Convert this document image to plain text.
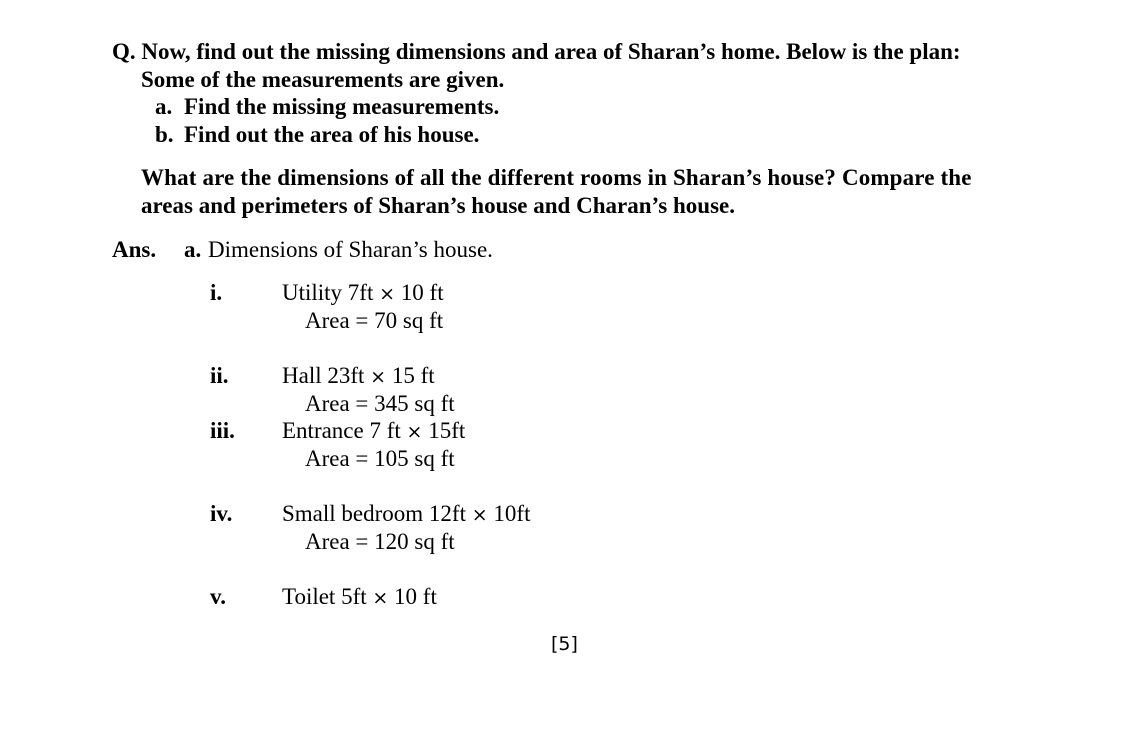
Q. Now, find out the missing dimensions and area of Sharan’s home. Below is the plan:
Some of the measurements are given.
a. Find the missing measurements.
b. Find out the area of his house.
What are the dimensions of all the different rooms in Sharan’s house? Compare the
areas and perimeters of Sharan’s house and Charan’s house.
Ans. a. Dimensions of Sharan’s house.
i.	Utility 7ft × 10 ft
Area = 70 sq ft
ii. Hall 23ft × 15 ft
Area = 345 sq ft
iii. Entrance 7 ft × 15ft
Area = 105 sq ft
iv. Small bedroom 12ft × 10ft
Area = 120 sq ft
v. Toilet 5ft × 10 ft
[5]
